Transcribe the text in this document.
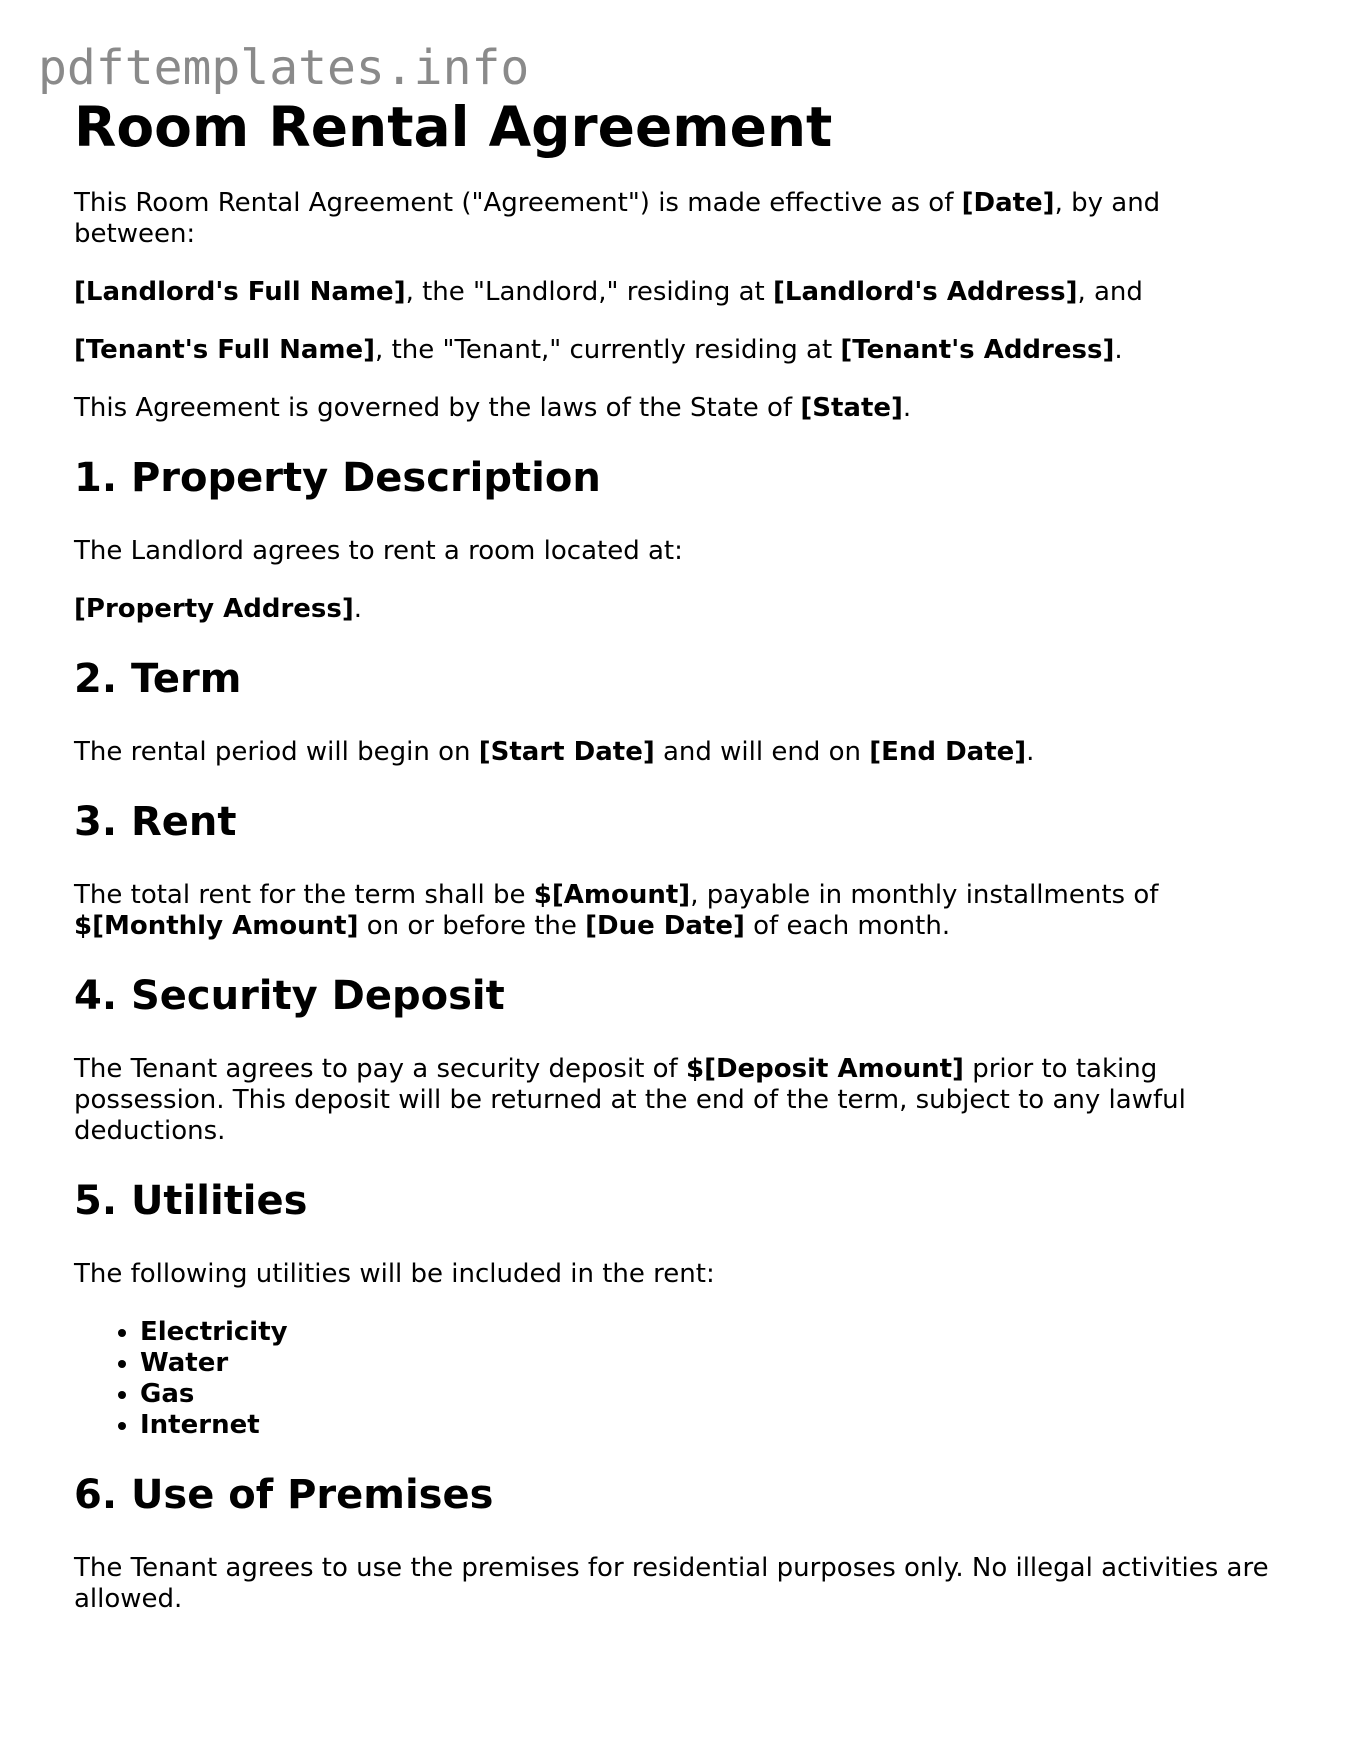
pdftemplates.info
Room Rental Agreement

This Room Rental Agreement ("Agreement") is made effective as of [Date], by and between:

[Landlord's Full Name], the "Landlord," residing at [Landlord's Address], and

[Tenant's Full Name], the "Tenant," currently residing at [Tenant's Address].

This Agreement is governed by the laws of the State of [State].

1. Property Description

The Landlord agrees to rent a room located at:

[Property Address].

2. Term

The rental period will begin on [Start Date] and will end on [End Date].

3. Rent

The total rent for the term shall be $[Amount], payable in monthly installments of $[Monthly Amount] on or before the [Due Date] of each month.

4. Security Deposit

The Tenant agrees to pay a security deposit of $[Deposit Amount] prior to taking possession. This deposit will be returned at the end of the term, subject to any lawful deductions.

5. Utilities

The following utilities will be included in the rent:

• Electricity
• Water
• Gas
• Internet
6. Use of Premises

The Tenant agrees to use the premises for residential purposes only. No illegal activities are allowed.
